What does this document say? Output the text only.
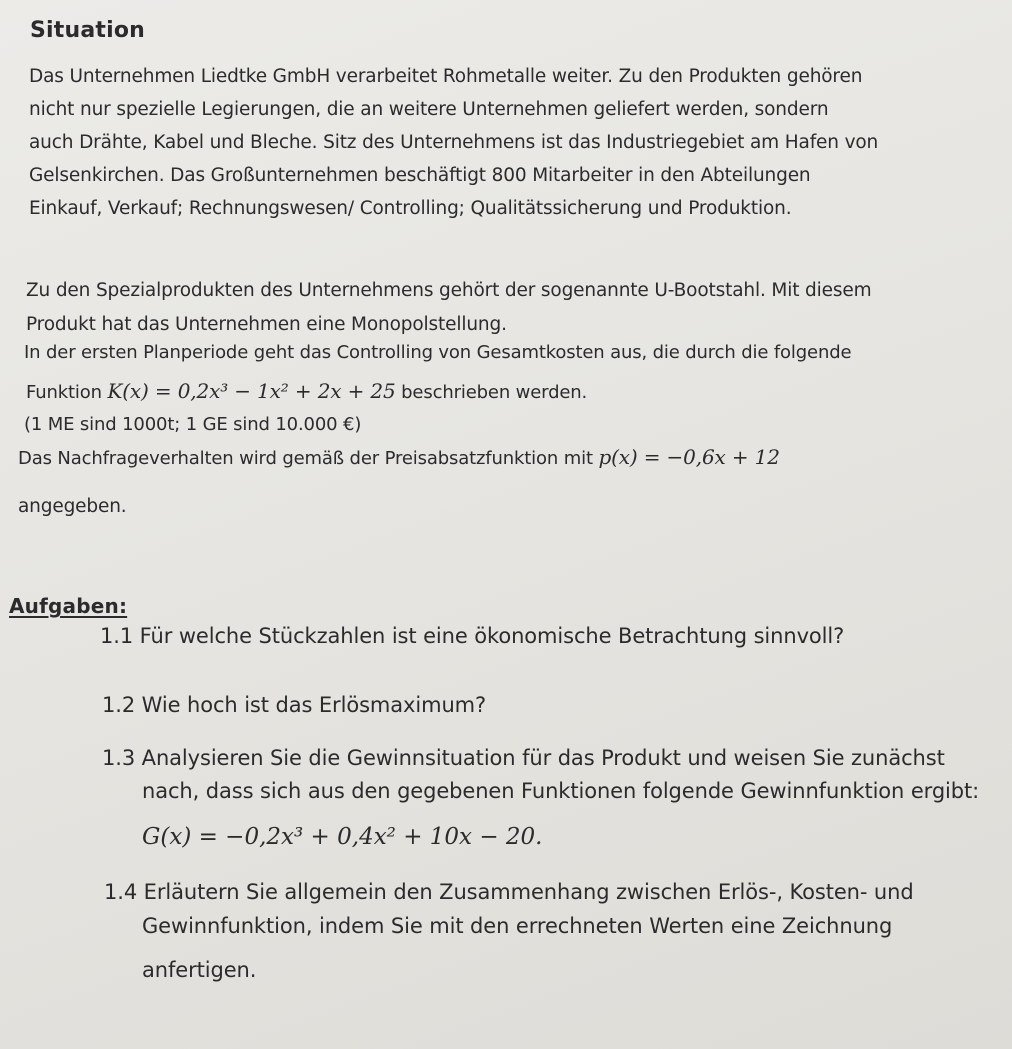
Situation

Das Unternehmen Liedtke GmbH verarbeitet Rohmetalle weiter. Zu den Produkten gehören

nicht nur spezielle Legierungen, die an weitere Unternehmen geliefert werden, sondern

auch Drähte, Kabel und Bleche. Sitz des Unternehmens ist das Industriegebiet am Hafen von

Gelsenkirchen. Das Großunternehmen beschäftigt 800 Mitarbeiter in den Abteilungen

Einkauf, Verkauf; Rechnungswesen/ Controlling; Qualitätssicherung und Produktion.

Zu den Spezialprodukten des Unternehmens gehört der sogenannte U-Bootstahl. Mit diesem

Produkt hat das Unternehmen eine Monopolstellung.

In der ersten Planperiode geht das Controlling von Gesamtkosten aus, die durch die folgende

Funktion K(x) = 0,2x³ − 1x² + 2x + 25 beschrieben werden.

(1 ME sind 1000t; 1 GE sind 10.000 €)

Das Nachfrageverhalten wird gemäß der Preisabsatzfunktion mit p(x) = −0,6x + 12

angegeben.

Aufgaben:

1.1 Für welche Stückzahlen ist eine ökonomische Betrachtung sinnvoll?

1.2 Wie hoch ist das Erlösmaximum?

1.3 Analysieren Sie die Gewinnsituation für das Produkt und weisen Sie zunächst

nach, dass sich aus den gegebenen Funktionen folgende Gewinnfunktion ergibt:

G(x) = −0,2x³ + 0,4x² + 10x − 20.

1.4 Erläutern Sie allgemein den Zusammenhang zwischen Erlös-, Kosten- und

Gewinnfunktion, indem Sie mit den errechneten Werten eine Zeichnung

anfertigen.
